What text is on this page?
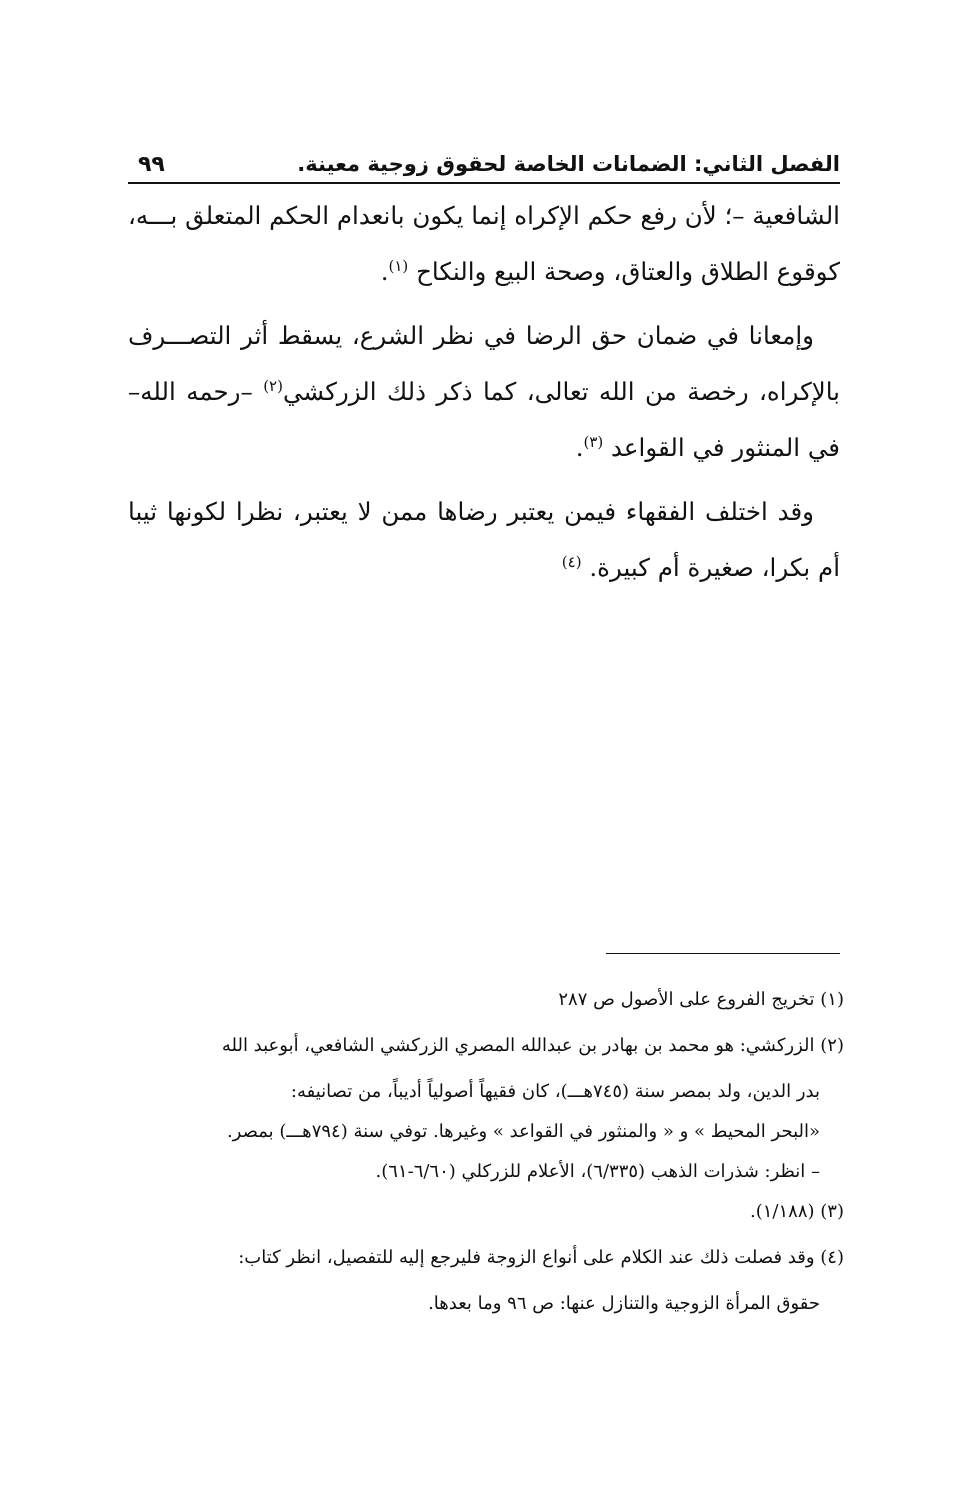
الفصل الثاني: الضمانات الخاصة لحقوق زوجية معينة.
٩٩

الشافعية –؛ لأن رفع حكم الإكراه إنما يكون بانعدام الحكم المتعلق بـــه، كوقوع الطلاق والعتاق، وصحة البيع والنكاح $^{(١)}$.

وإمعانا في ضمان حق الرضا في نظر الشرع، يسقط أثر التصـــرف بالإكراه، رخصة من الله تعالى، كما ذكر ذلك الزركشي$^{(٢)}$ –رحمه الله– في المنثور في القواعد $^{(٣)}$.

وقد اختلف الفقهاء فيمن يعتبر رضاها ممن لا يعتبر، نظرا لكونها ثيبا أم بكرا، صغيرة أم كبيرة. $^{(٤)}$

(١) تخريج الفروع على الأصول ص ٢٨٧

(٢) الزركشي: هو محمد بن بهادر بن عبدالله المصري الزركشي الشافعي، أبوعبد الله

بدر الدين، ولد بمصر سنة (٧٤٥هـــ)، كان فقيهاً أصولياً أديباً، من تصانيفه:

«البحر المحيط » و « والمنثور في القواعد » وغيرها. توفي سنة (٧٩٤هـــ) بمصر.

– انظر: شذرات الذهب (٦/٣٣٥)، الأعلام للزركلي (٦/٦٠-٦١).

(٣) (١/١٨٨).

(٤) وقد فصلت ذلك عند الكلام على أنواع الزوجة فليرجع إليه للتفصيل، انظر كتاب:

حقوق المرأة الزوجية والتنازل عنها: ص ٩٦ وما بعدها.
